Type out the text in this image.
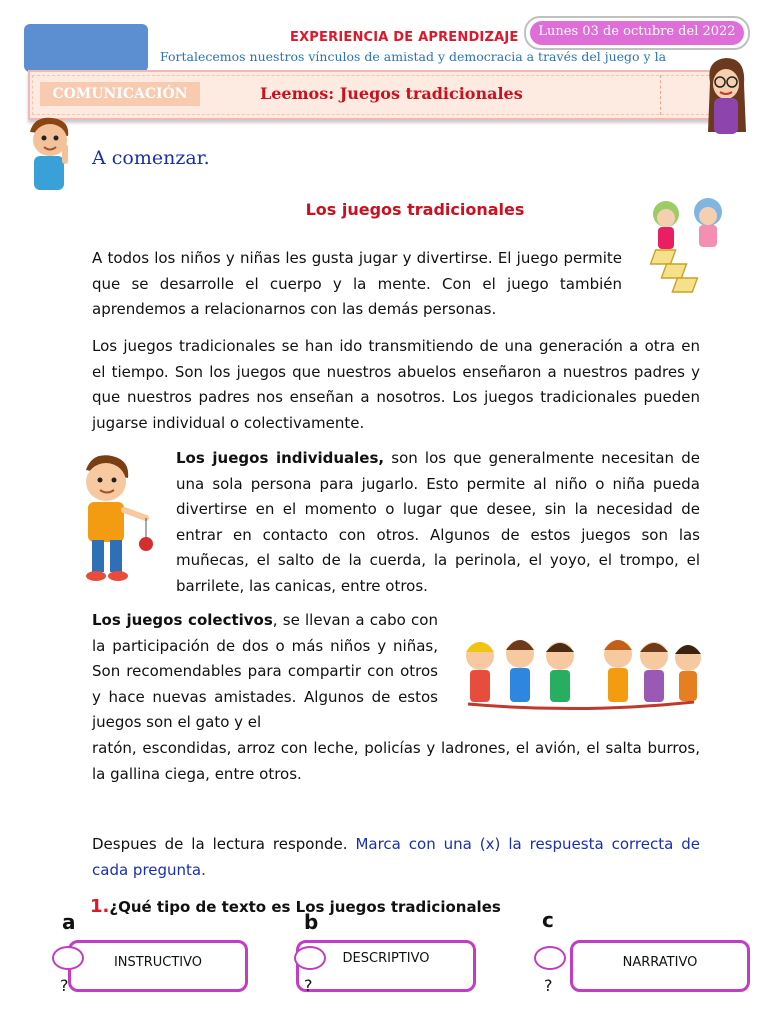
EXPERIENCIA DE APRENDIZAJE	Lunes 03 de octubre del 2022
Fortalecemos nuestros vínculos de amistad y democracia a través del juego y la
COMUNICACIÓN	Leemos: Juegos tradicionales
A comenzar.
Los juegos tradicionales
A todos los niños y niñas les gusta jugar y divertirse. El juego permite que se desarrolle el cuerpo y la mente. Con el juego también aprendemos a relacionarnos con las demás personas.
Los juegos tradicionales se han ido transmitiendo de una generación a otra en el tiempo. Son los juegos que nuestros abuelos enseñaron a nuestros padres y que nuestros padres nos enseñan a nosotros. Los juegos tradicionales pueden jugarse individual o colectivamente.
Los juegos individuales, son los que generalmente necesitan de una sola persona para jugarlo. Esto permite al niño o niña pueda divertirse en el momento o lugar que desee, sin la necesidad de entrar en contacto con otros. Algunos de estos juegos son las muñecas, el salto de la cuerda, la perinola, el yoyo, el trompo, el barrilete, las canicas, entre otros.
Los juegos colectivos, se llevan a cabo con la participación de dos o más niños y niñas, Son recomendables para compartir con otros y hace nuevas amistades. Algunos de estos juegos son el gato y el
ratón, escondidas, arroz con leche, policías y ladrones, el avión, el salta burros, la gallina ciega, entre otros.
Despues de la lectura responde. Marca con una (x) la respuesta correcta de cada pregunta.
1.¿Qué tipo de texto es Los juegos tradicionales
a
INSTRUCTIVO
?
b
DESCRIPTIVO
?
c
NARRATIVO
?
